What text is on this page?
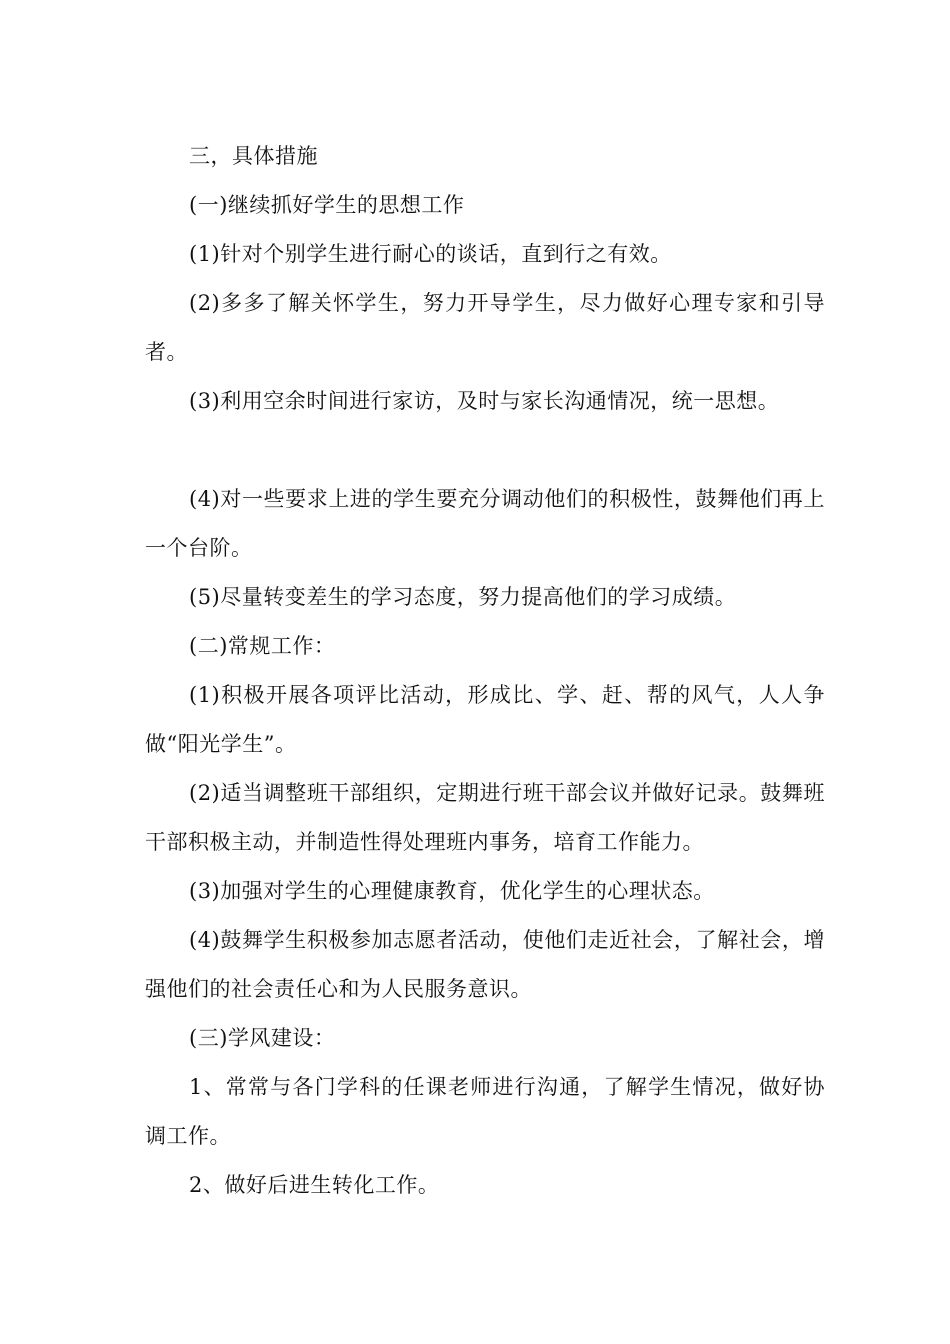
三，具体措施

(一)继续抓好学生的思想工作

(1)针对个别学生进行耐心的谈话，直到行之有效。

(2)多多了解关怀学生，努力开导学生，尽力做好心理专家和引导者。

(3)利用空余时间进行家访，及时与家长沟通情况，统一思想。

(4)对一些要求上进的学生要充分调动他们的积极性，鼓舞他们再上一个台阶。

(5)尽量转变差生的学习态度，努力提高他们的学习成绩。

(二)常规工作：

(1)积极开展各项评比活动，形成比、学、赶、帮的风气，人人争做“阳光学生”。

(2)适当调整班干部组织，定期进行班干部会议并做好记录。鼓舞班干部积极主动，并制造性得处理班内事务，培育工作能力。

(3)加强对学生的心理健康教育，优化学生的心理状态。

(4)鼓舞学生积极参加志愿者活动，使他们走近社会，了解社会，增强他们的社会责任心和为人民服务意识。

(三)学风建设：

1、常常与各门学科的任课老师进行沟通，了解学生情况，做好协调工作。

2、做好后进生转化工作。
